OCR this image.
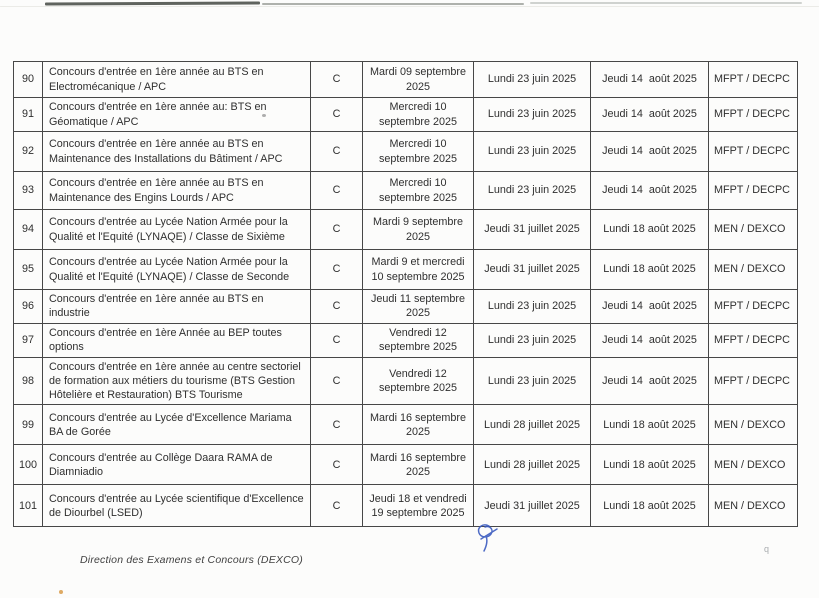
90	Concours d'entrée en 1ère année au BTS en Electromécanique / APC	C	Mardi 09 septembre 2025	Lundi 23 juin 2025	Jeudi 14  août 2025	MFPT / DECPC
91	Concours d'entrée en 1ère année au: BTS en Géomatique / APC	C	Mercredi 10 septembre 2025	Lundi 23 juin 2025	Jeudi 14  août 2025	MFPT / DECPC
92	Concours d'entrée en 1ère année au BTS en Maintenance des Installations du Bâtiment / APC	C	Mercredi 10 septembre 2025	Lundi 23 juin 2025	Jeudi 14  août 2025	MFPT / DECPC
93	Concours d'entrée en 1ère année au BTS en Maintenance des Engins Lourds / APC	C	Mercredi 10 septembre 2025	Lundi 23 juin 2025	Jeudi 14  août 2025	MFPT / DECPC
94	Concours d'entrée au Lycée Nation Armée pour la Qualité et l'Equité (LYNAQE) / Classe de Sixième	C	Mardi 9 septembre 2025	Jeudi 31 juillet 2025	Lundi 18 août 2025	MEN / DEXCO
95	Concours d'entrée au Lycée Nation Armée pour la Qualité et l'Equité (LYNAQE) / Classe de Seconde	C	Mardi 9 et mercredi 10 septembre 2025	Jeudi 31 juillet 2025	Lundi 18 août 2025	MEN / DEXCO
96	Concours d'entrée en 1ère année au BTS en  industrie	C	Jeudi 11 septembre 2025	Lundi 23 juin 2025	Jeudi 14  août 2025	MFPT / DECPC
97	Concours d'entrée en 1ère Année au BEP toutes options	C	Vendredi 12 septembre 2025	Lundi 23 juin 2025	Jeudi 14  août 2025	MFPT / DECPC
98	Concours d'entrée en 1ère année au centre sectoriel de formation aux métiers du tourisme (BTS Gestion Hôtelière et Restauration) BTS Tourisme	C	Vendredi 12 septembre 2025	Lundi 23 juin 2025	Jeudi 14  août 2025	MFPT / DECPC
99	Concours d'entrée au Lycée d'Excellence Mariama BA de Gorée	C	Mardi 16 septembre 2025	Lundi 28 juillet 2025	Lundi 18 août 2025	MEN / DEXCO
100	Concours d'entrée au Collège Daara RAMA de Diamniadio	C	Mardi 16 septembre 2025	Lundi 28 juillet 2025	Lundi 18 août 2025	MEN / DEXCO
101	Concours d'entrée au Lycée scientifique d'Excellence de Diourbel (LSED)	C	Jeudi 18 et vendredi 19 septembre 2025	Jeudi 31 juillet 2025	Lundi 18 août 2025	MEN / DEXCO
Direction des Examens et Concours (DEXCO)
q
